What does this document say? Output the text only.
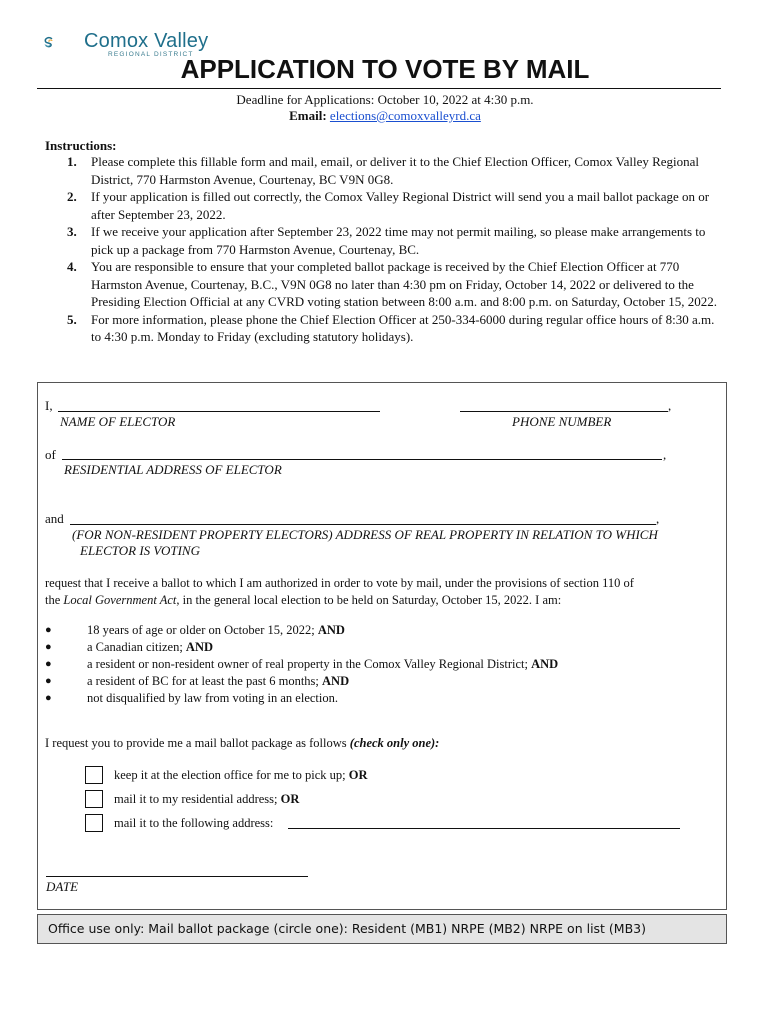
Comox Valley
REGIONAL DISTRICT
APPLICATION TO VOTE BY MAIL
Deadline for Applications: October 10, 2022 at 4:30 p.m.
Email: elections@comoxvalleyrd.ca
Instructions:
1. Please complete this fillable form and mail, email, or deliver it to the Chief Election Officer, Comox Valley Regional District, 770 Harmston Avenue, Courtenay, BC V9N 0G8.
2. If your application is filled out correctly, the Comox Valley Regional District will send you a mail ballot package on or after September 23, 2022.
3. If we receive your application after September 23, 2022 time may not permit mailing, so please make arrangements to pick up a package from 770 Harmston Avenue, Courtenay, BC.
4. You are responsible to ensure that your completed ballot package is received by the Chief Election Officer at 770 Harmston Avenue, Courtenay, B.C., V9N 0G8 no later than 4:30 pm on Friday, October 14, 2022 or delivered to the Presiding Election Official at any CVRD voting station between 8:00 a.m. and 8:00 p.m. on Saturday, October 15, 2022.
5. For more information, please phone the Chief Election Officer at 250-334-6000 during regular office hours of 8:30 a.m. to 4:30 p.m. Monday to Friday (excluding statutory holidays).
I,	,
NAME OF ELECTOR	PHONE NUMBER
of	,
RESIDENTIAL ADDRESS OF ELECTOR
and	,
(FOR NON-RESIDENT PROPERTY ELECTORS) ADDRESS OF REAL PROPERTY IN RELATION TO WHICH
ELECTOR IS VOTING
request that I receive a ballot to which I am authorized in order to vote by mail, under the provisions of section 110 of
the Local Government Act, in the general local election to be held on Saturday, October 15, 2022. I am:
● 18 years of age or older on October 15, 2022; AND
● a Canadian citizen; AND
● a resident or non-resident owner of real property in the Comox Valley Regional District; AND
● a resident of BC for at least the past 6 months; AND
● not disqualified by law from voting in an election.
I request you to provide me a mail ballot package as follows (check only one):
keep it at the election office for me to pick up; OR
mail it to my residential address; OR
mail it to the following address:
DATE
Office use only: Mail ballot package (circle one): Resident (MB1) NRPE (MB2) NRPE on list (MB3)
